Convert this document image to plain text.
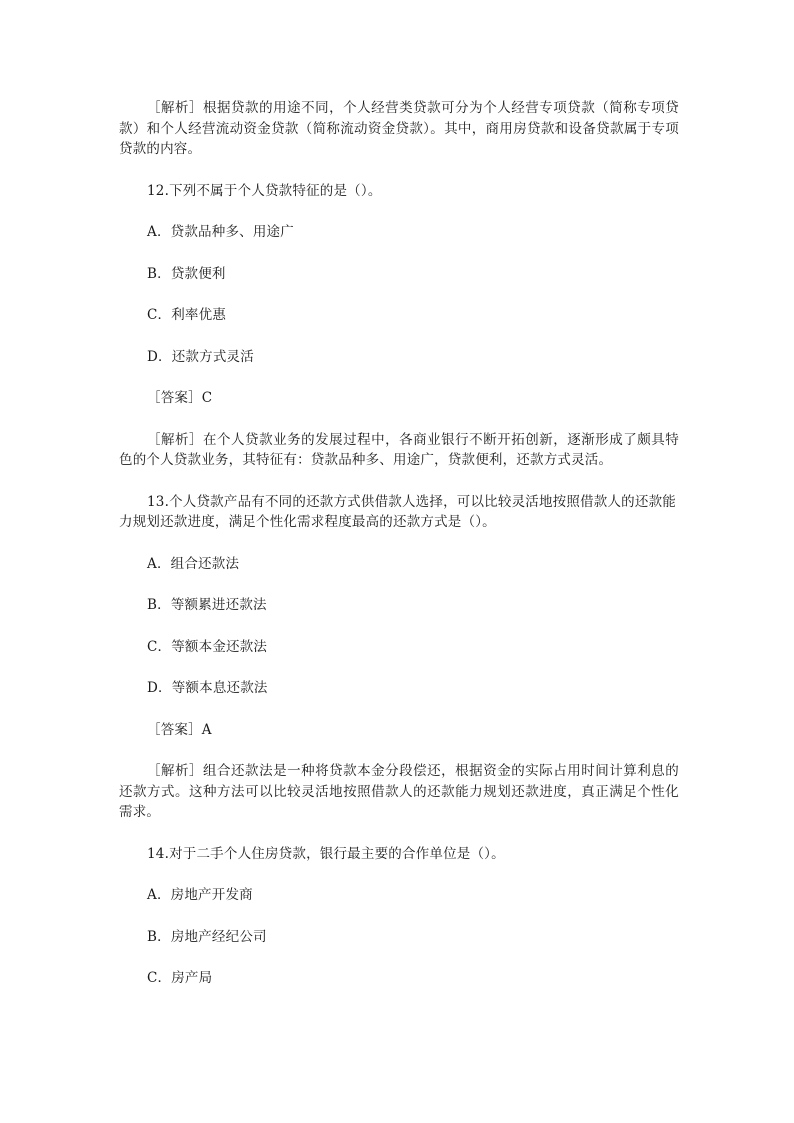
［解析］根据贷款的用途不同，个人经营类贷款可分为个人经营专项贷款（简称专项贷款）和个人经营流动资金贷款（简称流动资金贷款）。其中，商用房贷款和设备贷款属于专项贷款的内容。

12.下列不属于个人贷款特征的是（）。

A．贷款品种多、用途广

B．贷款便利

C．利率优惠

D．还款方式灵活

［答案］C

［解析］在个人贷款业务的发展过程中，各商业银行不断开拓创新，逐渐形成了颇具特色的个人贷款业务，其特征有：贷款品种多、用途广，贷款便利，还款方式灵活。

13.个人贷款产品有不同的还款方式供借款人选择，可以比较灵活地按照借款人的还款能力规划还款进度，满足个性化需求程度最高的还款方式是（）。

A．组合还款法

B．等额累进还款法

C．等额本金还款法

D．等额本息还款法

［答案］A

［解析］组合还款法是一种将贷款本金分段偿还，根据资金的实际占用时间计算利息的还款方式。这种方法可以比较灵活地按照借款人的还款能力规划还款进度，真正满足个性化需求。

14.对于二手个人住房贷款，银行最主要的合作单位是（）。

A．房地产开发商

B．房地产经纪公司

C．房产局
